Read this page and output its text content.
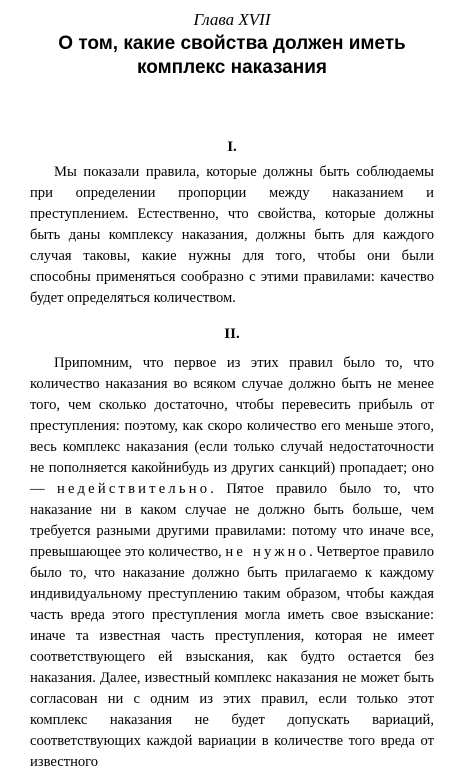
Глава XVII
О том, какие свойства должен иметь комплекс наказания
I.

Мы показали правила, которые должны быть соблюдаемы при определении пропорции между наказанием и преступлением. Естественно, что свойства, которые должны быть даны комплексу наказания, должны быть для каждого случая таковы, какие нужны для того, чтобы они были способны применяться сообразно с этими правилами: качество будет определяться количеством.

II.

Припомним, что первое из этих правил было то, что количество наказания во всяком случае должно быть не менее того, чем сколько достаточно, чтобы перевесить прибыль от преступления: поэтому, как скоро количество его меньше этого, весь комплекс наказания (если только случай недостаточности не пополняется какойнибудь из других санкций) пропадает; оно — недействительно. Пятое правило было то, что наказание ни в каком случае не должно быть больше, чем требуется разными другими правилами: потому что иначе все, превышающее это количество, не нужно. Четвертое правило было то, что наказание должно быть прилагаемо к каждому индивидуальному преступлению таким образом, чтобы каждая часть вреда этого преступления могла иметь свое взыскание: иначе та известная часть преступления, которая не имеет соответствующего ей взыскания, как будто остается без наказания. Далее, известный комплекс наказания не может быть согласован ни с одним из этих правил, если только этот комплекс наказания не будет допускать вариаций, соответствующих каждой вариации в количестве того вреда от известного
